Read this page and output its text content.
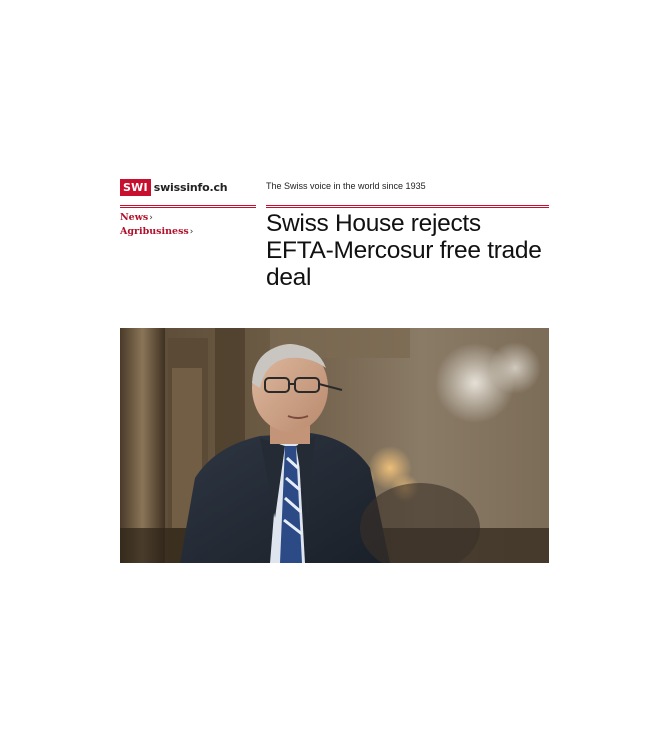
SWI swissinfo.ch	The Swiss voice in the world since 1935
News›
Agribusiness›	Swiss House rejects EFTA-Mercosur free trade deal
